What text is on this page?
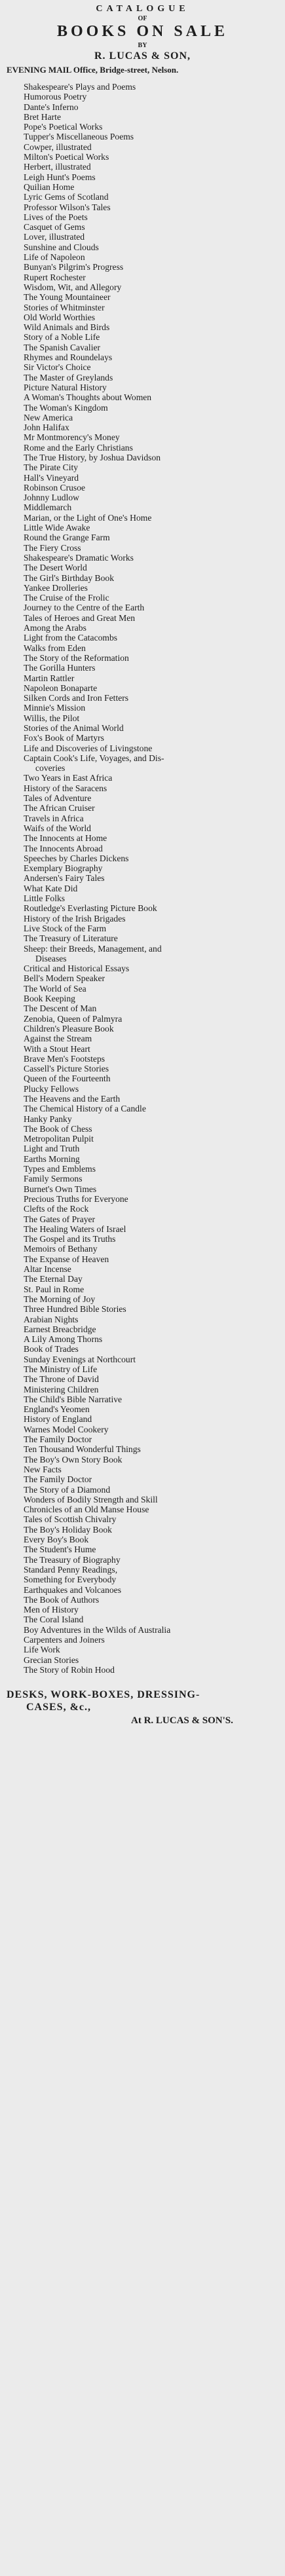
CATALOGUE
OF
BOOKS ON SALE
BY
R. LUCAS & SON,
EVENING MAIL Office, Bridge-street, Nelson.
Shakespeare's Plays and Poems
Humorous Poetry
Dante's Inferno
Bret Harte
Pope's Poetical Works
Tupper's Miscellaneous Poems
Cowper, illustrated
Milton's Poetical Works
Herbert, illustrated
Leigh Hunt's Poems
Quilian Home
Lyric Gems of Scotland
Professor Wilson's Tales
Lives of the Poets
Casquet of Gems
Lover, illustrated
Sunshine and Clouds
Life of Napoleon
Bunyan's Pilgrim's Progress
Rupert Rochester
Wisdom, Wit, and Allegory
The Young Mountaineer
Stories of Whitminster
Old World Worthies
Wild Animals and Birds
Story of a Noble Life
The Spanish Cavalier
Rhymes and Roundelays
Sir Victor's Choice
The Master of Greylands
Picture Natural History
A Woman's Thoughts about Women
The Woman's Kingdom
New America
John Halifax
Mr Montmorency's Money
Rome and the Early Christians
The True History, by Joshua Davidson
The Pirate City
Hall's Vineyard
Robinson Crusoe
Johnny Ludlow
Middlemarch
Marian, or the Light of One's Home
Little Wide Awake
Round the Grange Farm
The Fiery Cross
Shakespeare's Dramatic Works
The Desert World
The Girl's Birthday Book
Yankee Drolleries
The Cruise of the Frolic
Journey to the Centre of the Earth
Tales of Heroes and Great Men
Among the Arabs
Light from the Catacombs
Walks from Eden
The Story of the Reformation
The Gorilla Hunters
Martin Rattler
Napoleon Bonaparte
Silken Cords and Iron Fetters
Minnie's Mission
Willis, the Pilot
Stories of the Animal World
Fox's Book of Martyrs
Life and Discoveries of Livingstone
Captain Cook's Life, Voyages, and Dis-
coveries
Two Years in East Africa
History of the Saracens
Tales of Adventure
The African Cruiser
Travels in Africa
Waifs of the World
The Innocents at Home
The Innocents Abroad
Speeches by Charles Dickens
Exemplary Biography
Andersen's Fairy Tales
What Kate Did
Little Folks
Routledge's Everlasting Picture Book
History of the Irish Brigades
Live Stock of the Farm
The Treasury of Literature
Sheep: their Breeds, Management, and
Diseases
Critical and Historical Essays
Bell's Modern Speaker
The World of Sea
Book Keeping
The Descent of Man
Zenobia, Queen of Palmyra
Children's Pleasure Book
Against the Stream
With a Stout Heart
Brave Men's Footsteps
Cassell's Picture Stories
Queen of the Fourteenth
Plucky Fellows
The Heavens and the Earth
The Chemical History of a Candle
Hanky Panky
The Book of Chess
Metropolitan Pulpit
Light and Truth
Earths Morning
Types and Emblems
Family Sermons
Burnet's Own Times
Precious Truths for Everyone
Clefts of the Rock
The Gates of Prayer
The Healing Waters of Israel
The Gospel and its Truths
Memoirs of Bethany
The Expanse of Heaven
Altar Incense
The Eternal Day
St. Paul in Rome
The Morning of Joy
Three Hundred Bible Stories
Arabian Nights
Earnest Breacbridge
A Lily Among Thorns
Book of Trades
Sunday Evenings at Northcourt
The Ministry of Life
The Throne of David
Ministering Children
The Child's Bible Narrative
England's Yeomen
History of England
Warnes Model Cookery
The Family Doctor
Ten Thousand Wonderful Things
The Boy's Own Story Book
New Facts
The Family Doctor
The Story of a Diamond
Wonders of Bodily Strength and Skill
Chronicles of an Old Manse House
Tales of Scottish Chivalry
The Boy's Holiday Book
Every Boy's Book
The Student's Hume
The Treasury of Biography
Standard Penny Readings,
Something for Everybody
Earthquakes and Volcanoes
The Book of Authors
Men of History
The Coral Island
Boy Adventures in the Wilds of Australia
Carpenters and Joiners
Life Work
Grecian Stories
The Story of Robin Hood
DESKS, WORK-BOXES, DRESSING-
CASES, &c.,
At R. LUCAS & SON'S.
